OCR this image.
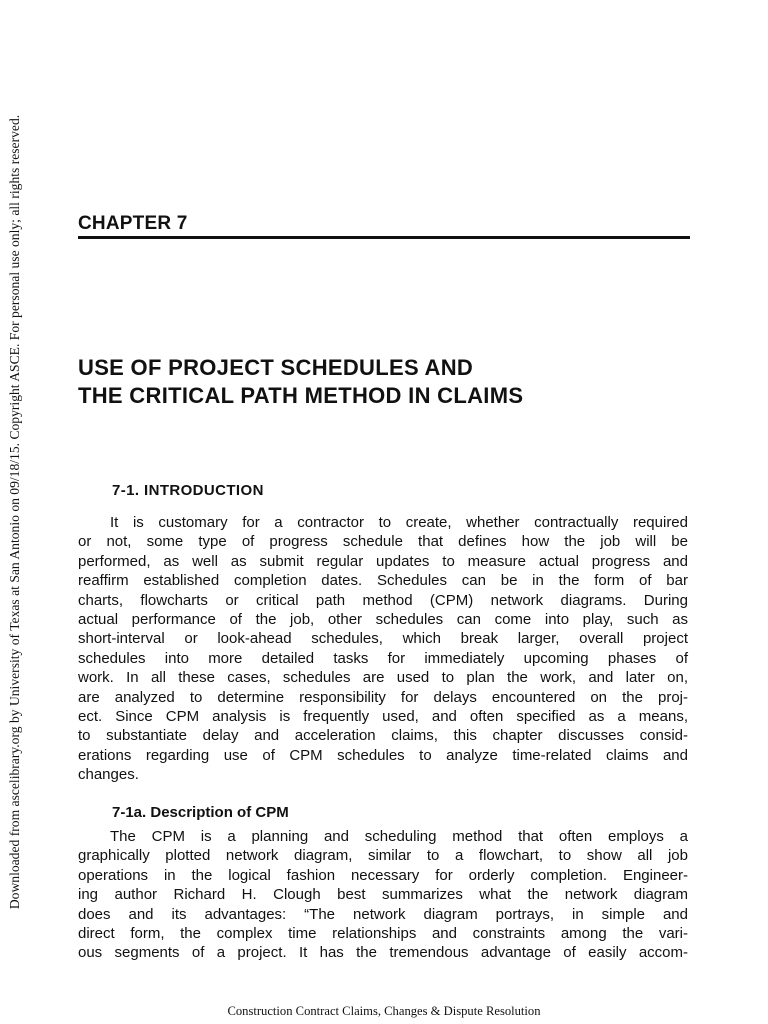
Downloaded from ascelibrary.org by University of Texas at San Antonio on 09/18/15. Copyright ASCE. For personal use only; all rights reserved.	CHAPTER 7
USE OF PROJECT SCHEDULES AND
THE CRITICAL PATH METHOD IN CLAIMS
7-1. INTRODUCTION
It is customary for a contractor to create, whether contractually required
or not, some type of progress schedule that defines how the job will be
performed, as well as submit regular updates to measure actual progress and
reaffirm established completion dates. Schedules can be in the form of bar
charts, flowcharts or critical path method (CPM) network diagrams. During
actual performance of the job, other schedules can come into play, such as
short-interval or look-ahead schedules, which break larger, overall project
schedules into more detailed tasks for immediately upcoming phases of
work. In all these cases, schedules are used to plan the work, and later on,
are analyzed to determine responsibility for delays encountered on the proj-
ect. Since CPM analysis is frequently used, and often specified as a means,
to substantiate delay and acceleration claims, this chapter discusses consid-
erations regarding use of CPM schedules to analyze time-related claims and
changes.
7-1a. Description of CPM
The CPM is a planning and scheduling method that often employs a
graphically plotted network diagram, similar to a flowchart, to show all job
operations in the logical fashion necessary for orderly completion. Engineer-
ing author Richard H. Clough best summarizes what the network diagram
does and its advantages: “The network diagram portrays, in simple and
direct form, the complex time relationships and constraints among the vari-
ous segments of a project. It has the tremendous advantage of easily accom-
Construction Contract Claims, Changes & Dispute Resolution
